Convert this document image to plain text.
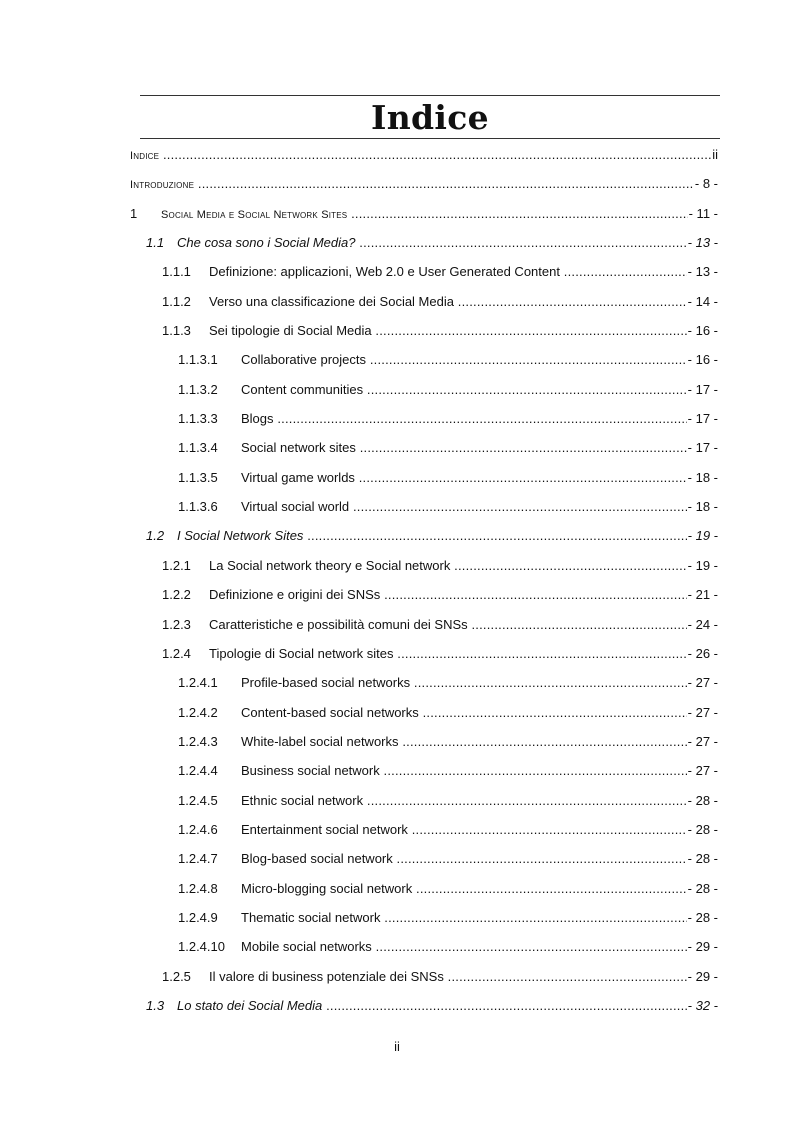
Indice
Indice .....	ii
Introduzione .....	- 8 -
1 Social Media e Social Network Sites .....	- 11 -
1.1 Che cosa sono i Social Media? .....	- 13 -
1.1.1 Definizione: applicazioni, Web 2.0 e User Generated Content .....	- 13 -
1.1.2 Verso una classificazione dei Social Media .....	- 14 -
1.1.3 Sei tipologie di Social Media .....	- 16 -
1.1.3.1 Collaborative projects .....	- 16 -
1.1.3.2 Content communities .....	- 17 -
1.1.3.3 Blogs .....	- 17 -
1.1.3.4 Social network sites .....	- 17 -
1.1.3.5 Virtual game worlds .....	- 18 -
1.1.3.6 Virtual social world .....	- 18 -
1.2 I Social Network Sites .....	- 19 -
1.2.1 La Social network theory e Social network .....	- 19 -
1.2.2 Definizione e origini dei SNSs .....	- 21 -
1.2.3 Caratteristiche e possibilità comuni dei SNSs .....	- 24 -
1.2.4 Tipologie di Social network sites .....	- 26 -
1.2.4.1 Profile-based social networks .....	- 27 -
1.2.4.2 Content-based social networks .....	- 27 -
1.2.4.3 White-label social networks .....	- 27 -
1.2.4.4 Business social network .....	- 27 -
1.2.4.5 Ethnic social network .....	- 28 -
1.2.4.6 Entertainment social network .....	- 28 -
1.2.4.7 Blog-based social network .....	- 28 -
1.2.4.8 Micro-blogging social network .....	- 28 -
1.2.4.9 Thematic social network .....	- 28 -
1.2.4.10 Mobile social networks .....	- 29 -
1.2.5 Il valore di business potenziale dei SNSs .....	- 29 -
1.3 Lo stato dei Social Media .....	- 32 -
ii
